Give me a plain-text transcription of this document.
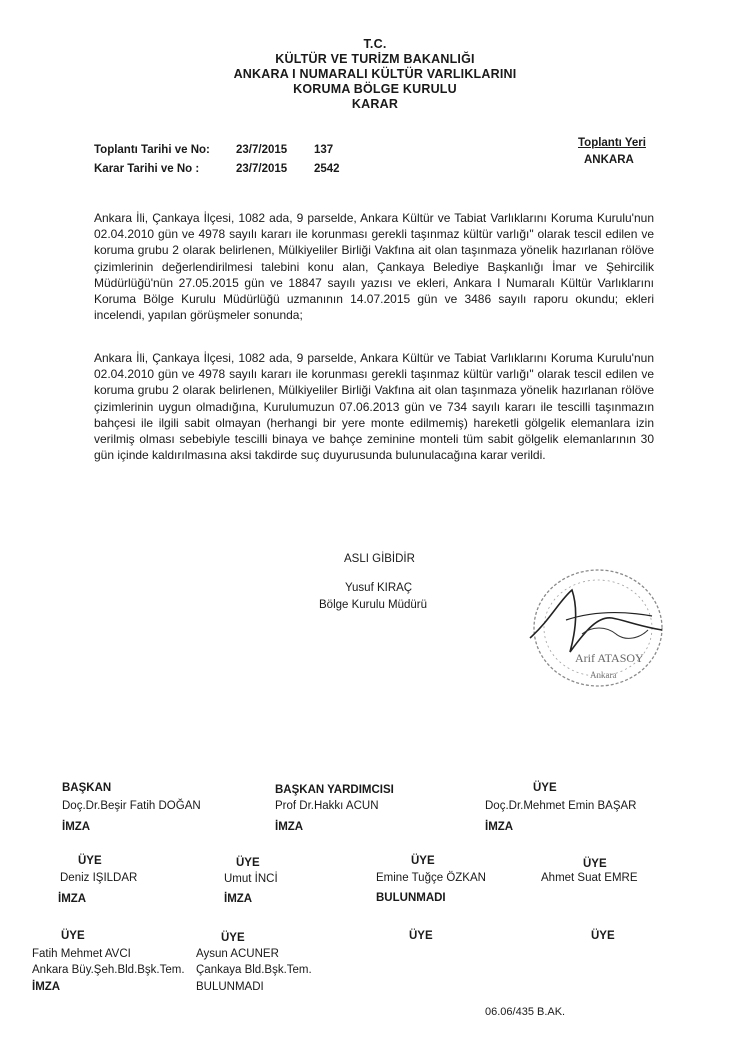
T.C.
KÜLTÜR VE TURİZM BAKANLIĞI
ANKARA I NUMARALI KÜLTÜR VARLIKLARINI
KORUMA BÖLGE KURULU
KARAR
Toplantı Tarihi ve No: 23/7/2015 137
Karar Tarihi ve No :	23/7/2015 2542
Toplantı Yeri
ANKARA

Ankara İli, Çankaya İlçesi, 1082 ada, 9 parselde, Ankara Kültür ve Tabiat Varlıklarını Koruma Kurulu'nun 02.04.2010 gün ve 4978 sayılı kararı ile korunması gerekli taşınmaz kültür varlığı" olarak tescil edilen ve koruma grubu 2 olarak belirlenen, Mülkiyeliler Birliği Vakfına ait olan taşınmaza yönelik hazırlanan rölöve çizimlerinin değerlendirilmesi talebini konu alan, Çankaya Belediye Başkanlığı İmar ve Şehircilik Müdürlüğü'nün 27.05.2015 gün ve 18847 sayılı yazısı ve ekleri, Ankara I Numaralı Kültür Varlıklarını Koruma Bölge Kurulu Müdürlüğü uzmanının 14.07.2015 gün ve 3486 sayılı raporu okundu; ekleri incelendi, yapılan görüşmeler sonunda;

Ankara İli, Çankaya İlçesi, 1082 ada, 9 parselde, Ankara Kültür ve Tabiat Varlıklarını Koruma Kurulu'nun 02.04.2010 gün ve 4978 sayılı kararı ile korunması gerekli taşınmaz kültür varlığı" olarak tescil edilen ve koruma grubu 2 olarak belirlenen, Mülkiyeliler Birliği Vakfına ait olan taşınmaza yönelik hazırlanan rölöve çizimlerinin uygun olmadığına, Kurulumuzun 07.06.2013 gün ve 734 sayılı kararı ile tescilli taşınmazın bahçesi ile ilgili sabit olmayan (herhangi bir yere monte edilmemiş) hareketli gölgelik elemanlara izin verilmiş olması sebebiyle tescilli binaya ve bahçe zeminine monteli tüm sabit gölgelik elemanlarının 30 gün içinde kaldırılmasına aksi takdirde suç duyurusunda bulunulacağına karar verildi.

ASLI GİBİDİR
Yusuf KIRAÇ
Bölge Kurulu Müdürü
Arif ATASOY
Ankara
BAŞKAN
Doç.Dr.Beşir Fatih DOĞAN
İMZA
BAŞKAN YARDIMCISI
Prof Dr.Hakkı ACUN
İMZA
ÜYE
Doç.Dr.Mehmet Emin BAŞAR
İMZA
ÜYE
Deniz IŞILDAR
İMZA
ÜYE
Umut İNCİ
İMZA
ÜYE
Emine Tuğçe ÖZKAN
BULUNMADI
ÜYE
Ahmet Suat EMRE
ÜYE
Fatih Mehmet AVCI
Ankara Büy.Şeh.Bld.Bşk.Tem.
İMZA
ÜYE
Aysun ACUNER
Çankaya Bld.Bşk.Tem.
BULUNMADI
ÜYE	ÜYE
06.06/435 B.AK.
